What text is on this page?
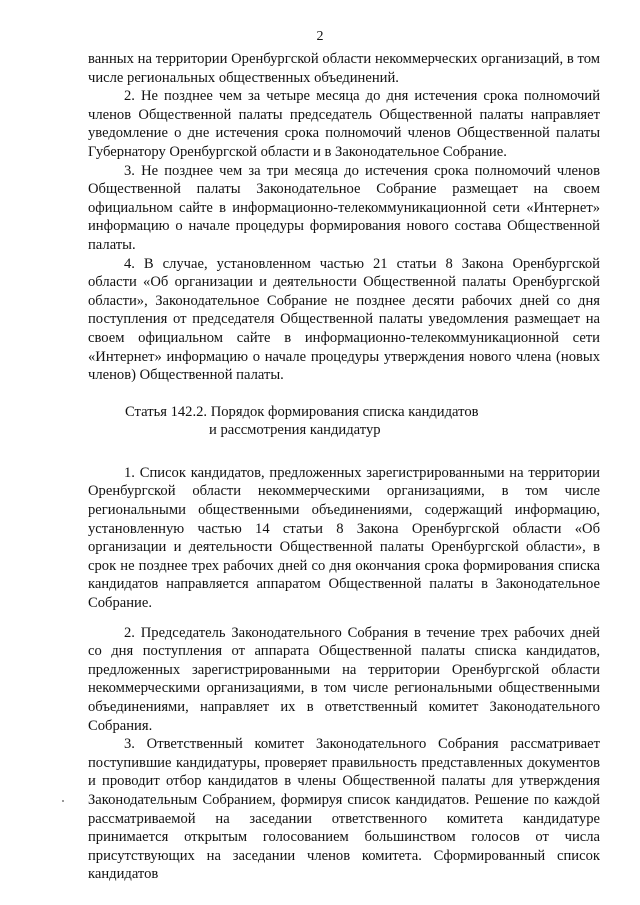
2

ванных на территории Оренбургской области некоммерческих организаций, в том числе региональных общественных объединений.

2. Не позднее чем за четыре месяца до дня истечения срока полномочий членов Общественной палаты председатель Общественной палаты направляет уведомление о дне истечения срока полномочий членов Общественной палаты Губернатору Оренбургской области и в Законодательное Собрание.

3. Не позднее чем за три месяца до истечения срока полномочий членов Общественной палаты Законодательное Собрание размещает на своем официальном сайте в информационно-телекоммуникационной сети «Интернет» информацию о начале процедуры формирования нового состава Общественной палаты.

4. В случае, установленном частью 21 статьи 8 Закона Оренбургской области «Об организации и деятельности Общественной палаты Оренбургской области», Законодательное Собрание не позднее десяти рабочих дней со дня поступления от председателя Общественной палаты уведомления размещает на своем официальном сайте в информационно-телекоммуникационной сети «Интернет» информацию о начале процедуры утверждения нового члена (новых членов) Общественной палаты.

Статья 142.2. Порядок формирования списка кандидатов
и рассмотрения кандидатур

1. Список кандидатов, предложенных зарегистрированными на территории Оренбургской области некоммерческими организациями, в том числе региональными общественными объединениями, содержащий информацию, установленную частью 14 статьи 8 Закона Оренбургской области «Об организации и деятельности Общественной палаты Оренбургской области», в срок не позднее трех рабочих дней со дня окончания срока формирования списка кандидатов направляется аппаратом Общественной палаты в Законодательное Собрание.

2. Председатель Законодательного Собрания в течение трех рабочих дней со дня поступления от аппарата Общественной палаты списка кандидатов, предложенных зарегистрированными на территории Оренбургской области некоммерческими организациями, в том числе региональными общественными объединениями, направляет их в ответственный комитет Законодательного Собрания.

3. Ответственный комитет Законодательного Собрания рассматривает поступившие кандидатуры, проверяет правильность представленных документов и проводит отбор кандидатов в члены Общественной палаты для утверждения Законодательным Собранием, формируя список кандидатов. Решение по каждой рассматриваемой на заседании ответственного комитета кандидатуре принимается открытым голосованием большинством голосов от числа присутствующих на заседании членов комитета. Сформированный список кандидатов
